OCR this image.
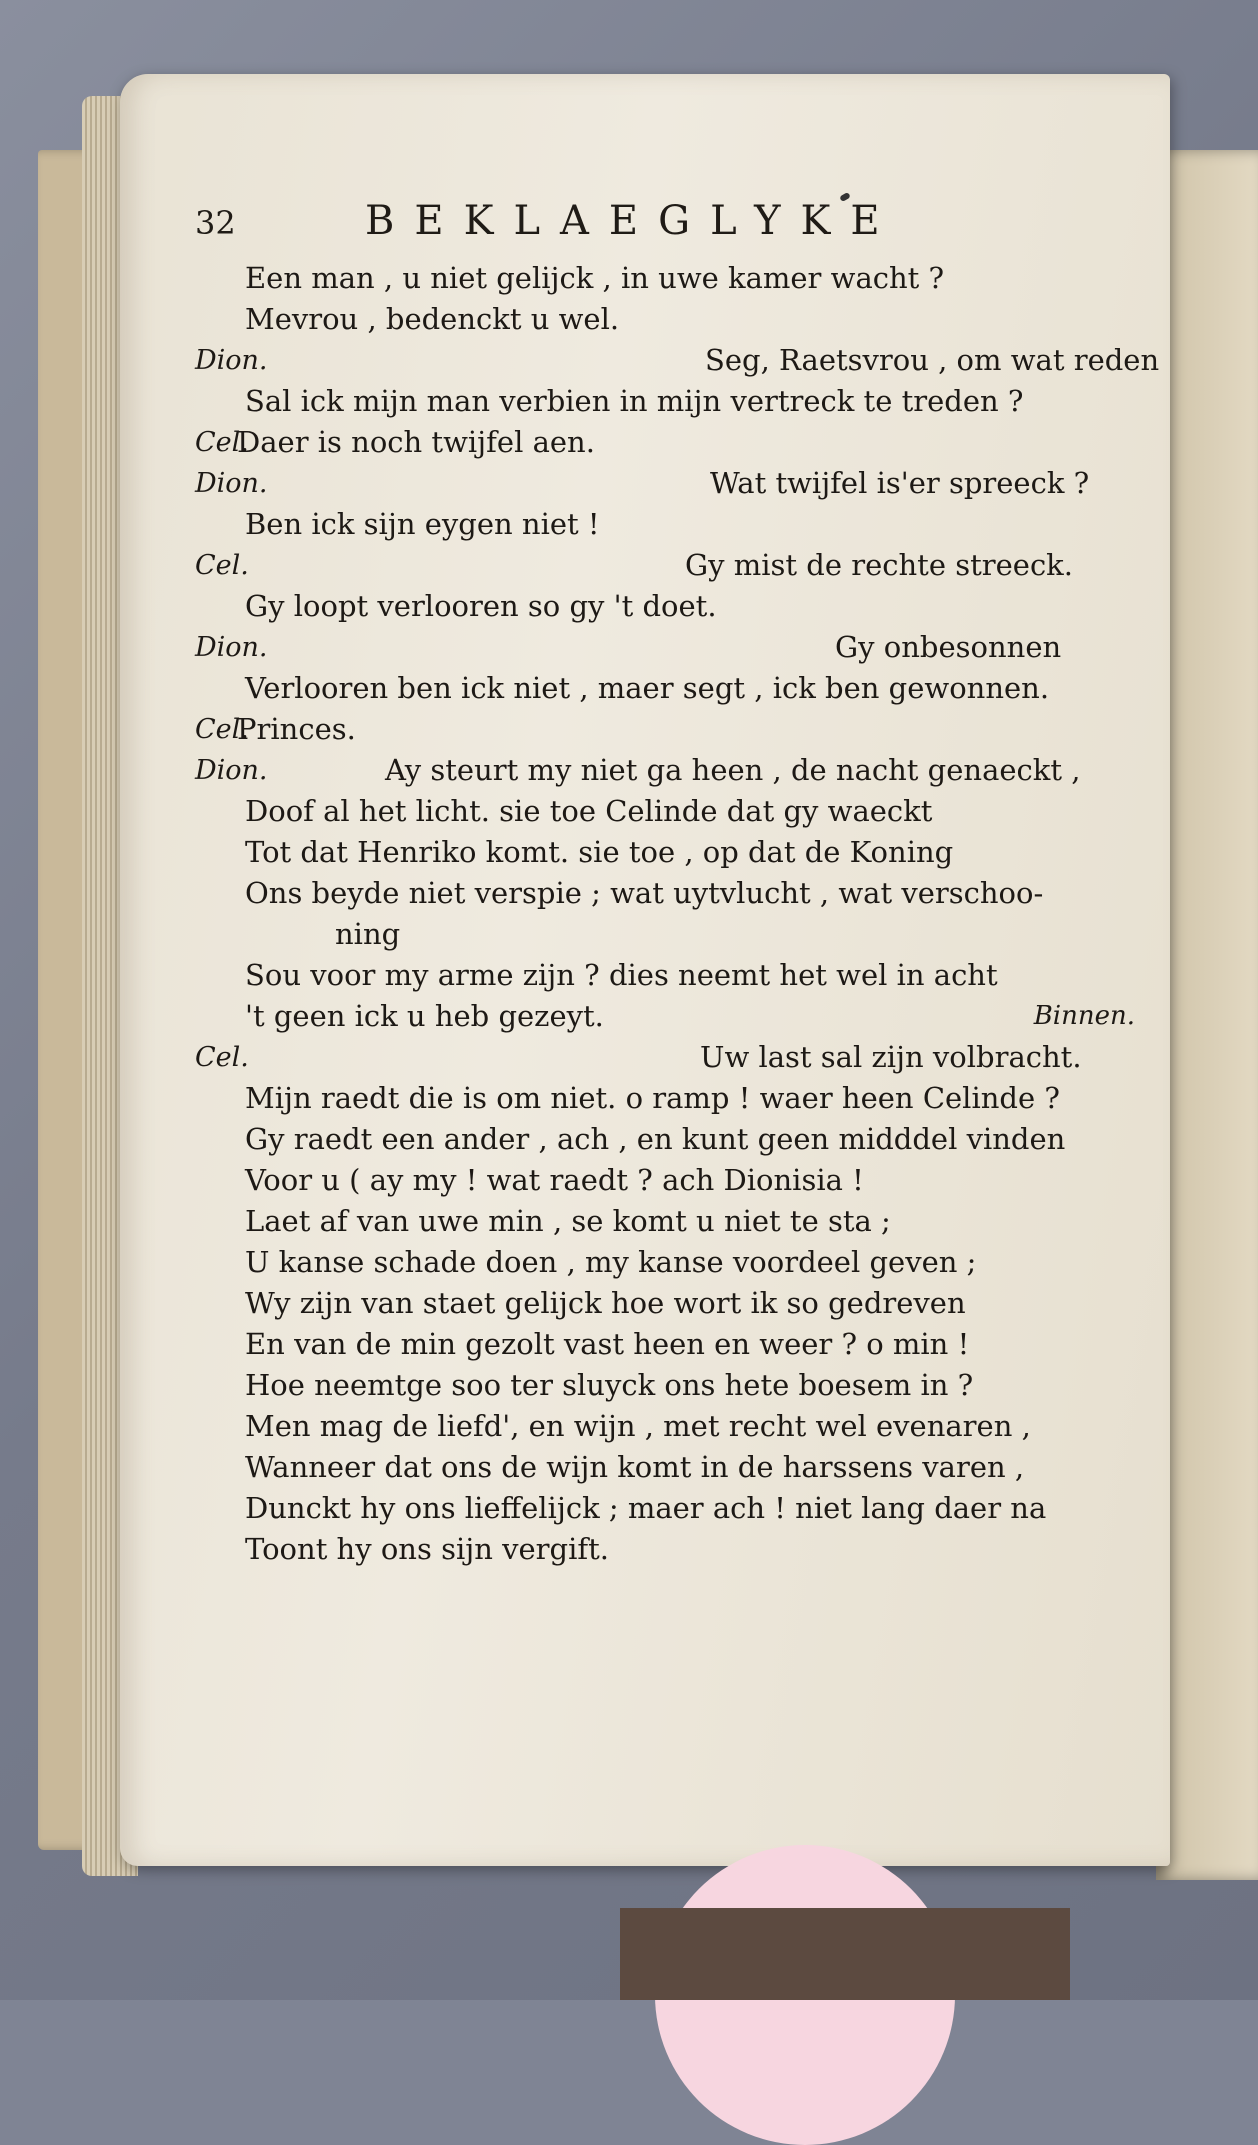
32	BEKLAEGLYKE
Een man , u niet gelijck , in uwe kamer wacht ?
Mevrou , bedenckt u wel.
Dion.	Seg, Raetsvrou , om wat reden
Sal ick mijn man verbien in mijn vertreck te treden ?
Cel.
Daer is noch twijfel aen.
Dion.	Wat twijfel is'er spreeck ?
Ben ick sijn eygen niet !
Cel.	Gy mist de rechte streeck.
Gy loopt verlooren so gy 't doet.
Dion.	Gy onbesonnen
Verlooren ben ick niet , maer segt , ick ben gewonnen.
Cel.
Princes.
Dion.	Ay steurt my niet ga heen , de nacht genaeckt ,
Doof al het licht. sie toe Celinde dat gy waeckt
Tot dat Henriko komt. sie toe , op dat de Koning
Ons beyde niet verspie ; wat uytvlucht , wat verschoo-
ning
Sou voor my arme zijn ? dies neemt het wel in acht
't geen ick u heb gezeyt.	Binnen.
Cel.	Uw last sal zijn volbracht.
Mijn raedt die is om niet. o ramp ! waer heen Celinde ?
Gy raedt een ander , ach , en kunt geen midddel vinden
Voor u ( ay my ! wat raedt ? ach Dionisia !
Laet af van uwe min , se komt u niet te sta ;
U kanse schade doen , my kanse voordeel geven ;
Wy zijn van staet gelijck hoe wort ik so gedreven
En van de min gezolt vast heen en weer ? o min !
Hoe neemtge soo ter sluyck ons hete boesem in ?
Men mag de liefd', en wijn , met recht wel evenaren ,
Wanneer dat ons de wijn komt in de harssens varen ,
Dunckt hy ons lieffelijck ; maer ach ! niet lang daer na
Toont hy ons sijn vergift.
